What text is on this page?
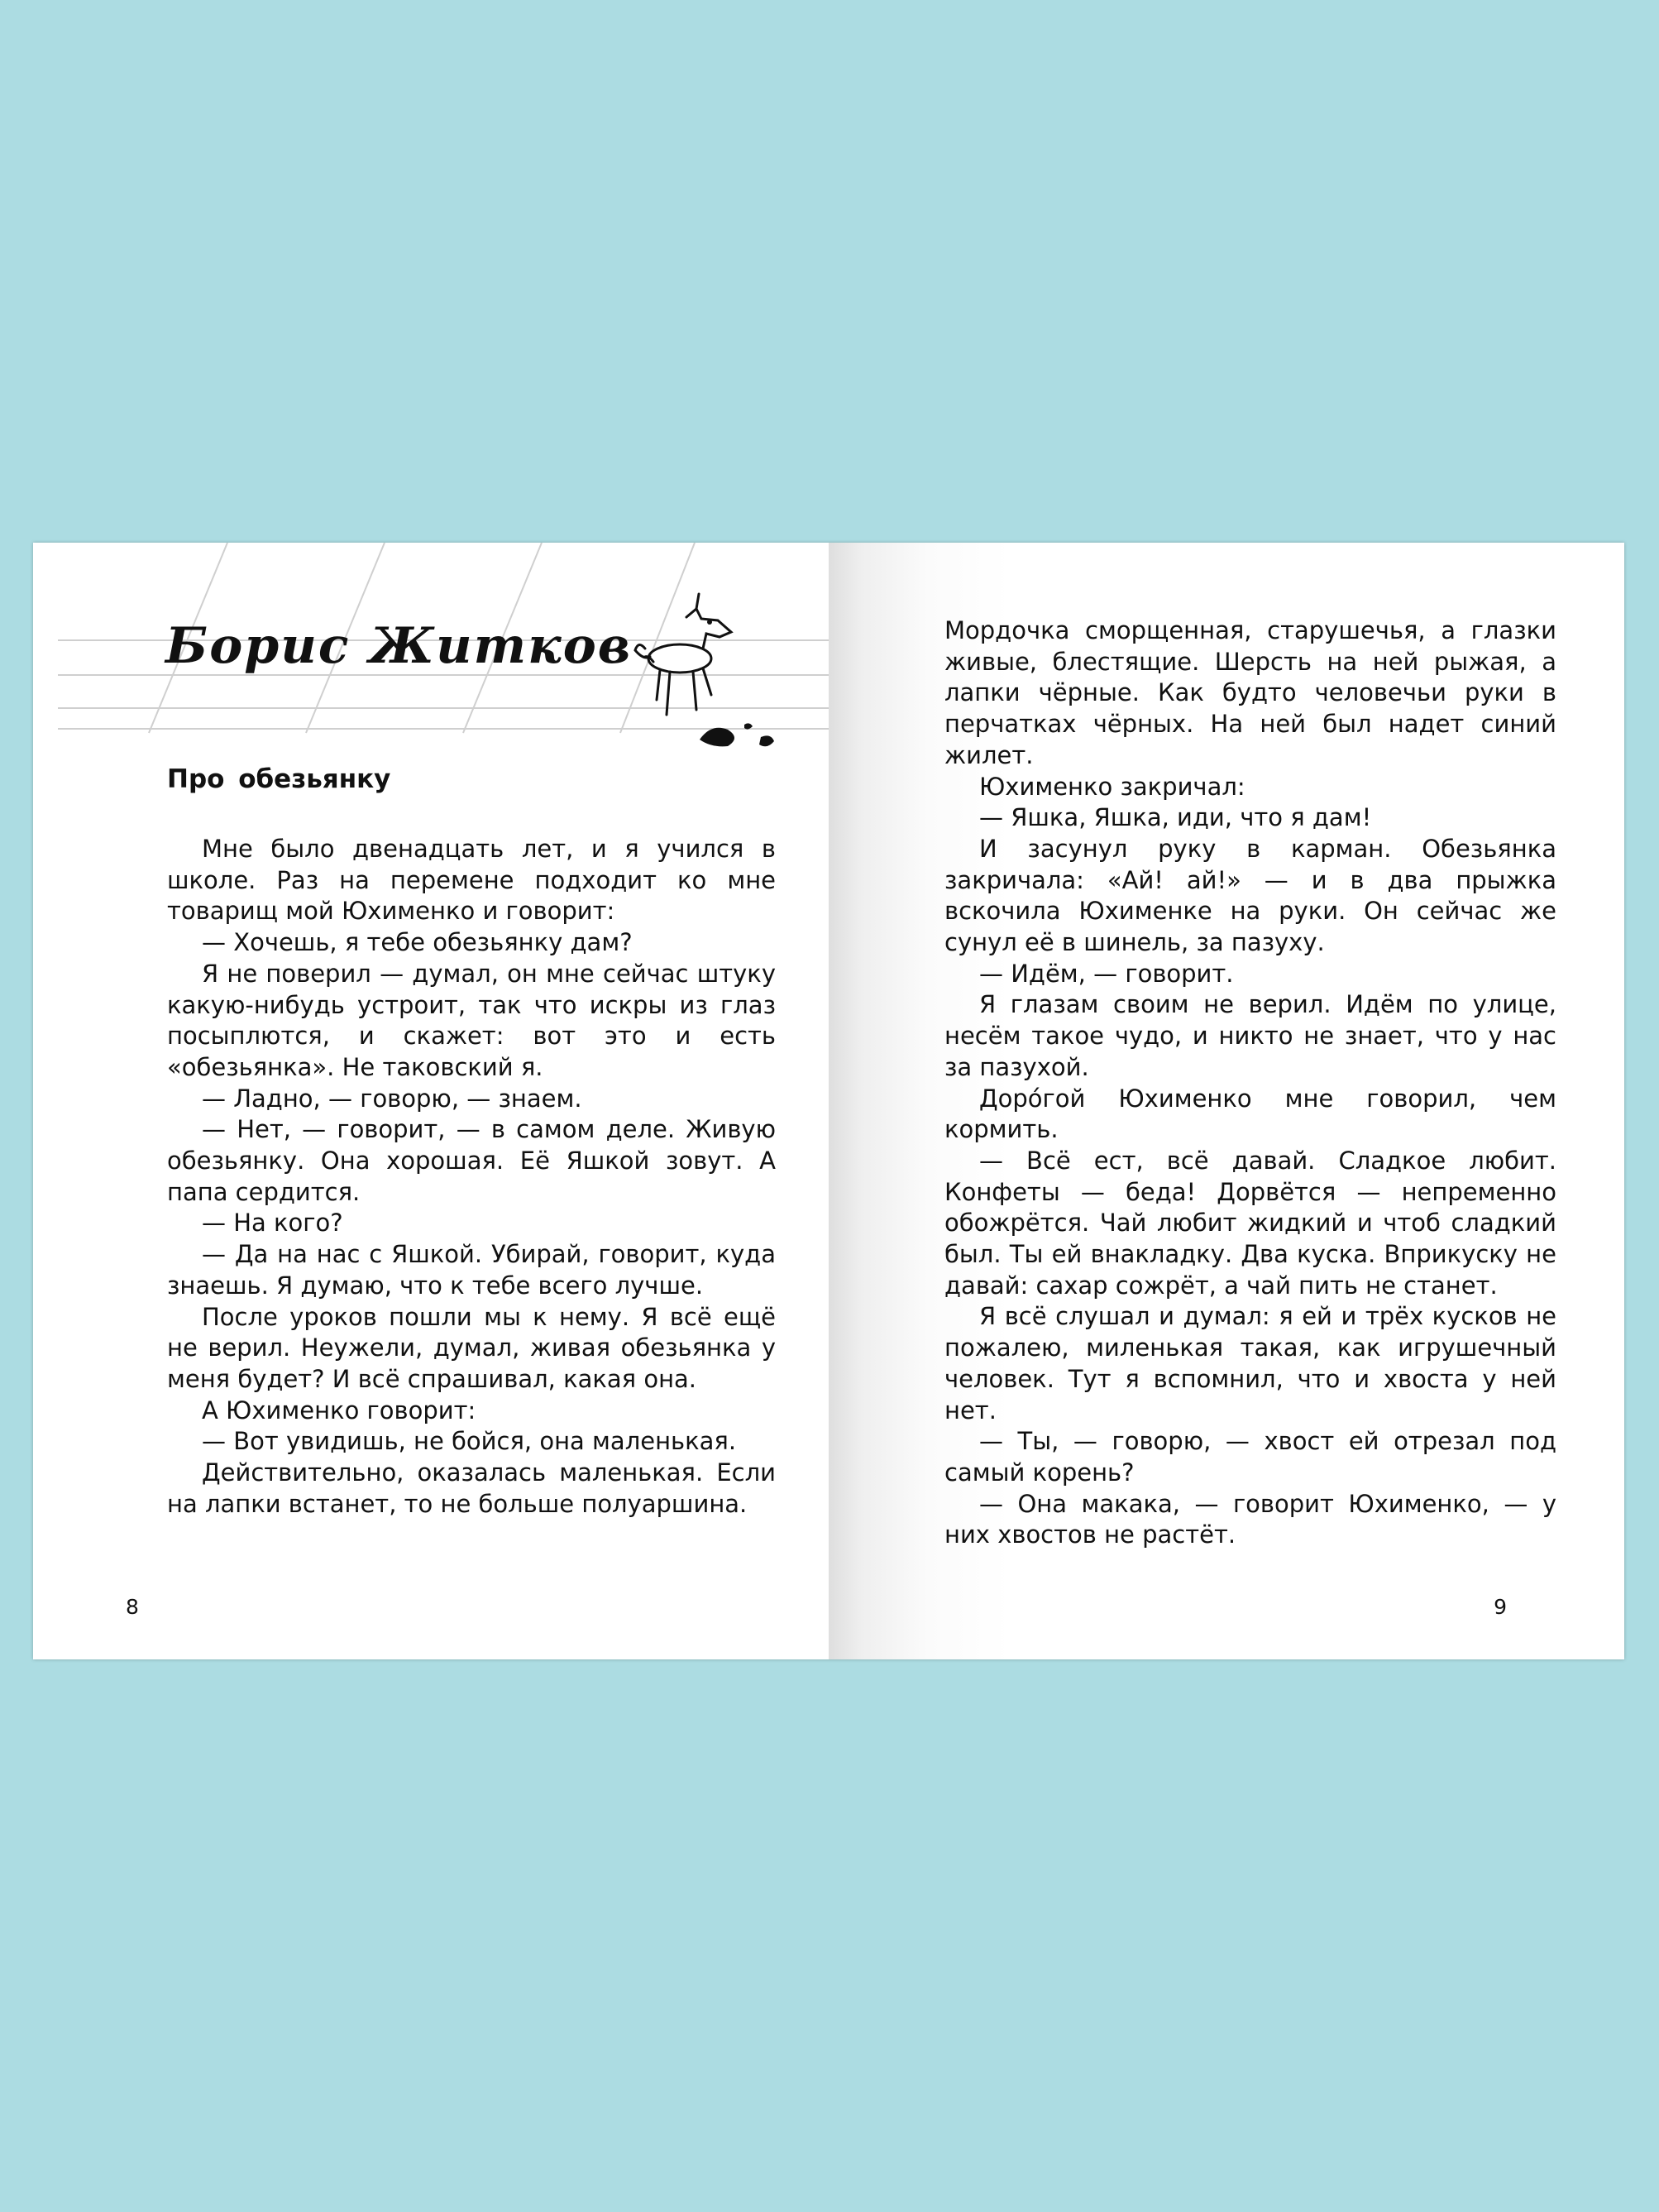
Борис Житков
Про обезьянку

Мне было двенадцать лет, и я учился в школе. Раз на перемене подходит ко мне товарищ мой Юхименко и говорит:

— Хочешь, я тебе обезьянку дам?

Я не поверил — думал, он мне сейчас штуку какую-нибудь устроит, так что искры из глаз посыплются, и скажет: вот это и есть «обезьянка». Не таковский я.

— Ладно, — говорю, — знаем.

— Нет, — говорит, — в самом деле. Живую обезьянку. Она хорошая. Её Яшкой зовут. А папа сердится.

— На кого?

— Да на нас с Яшкой. Убирай, говорит, куда знаешь. Я думаю, что к тебе всего лучше.

После уроков пошли мы к нему. Я всё ещё не верил. Неужели, думал, живая обезьянка у меня будет? И всё спрашивал, какая она.

А Юхименко говорит:

— Вот увидишь, не бойся, она маленькая.

Действительно, оказалась маленькая. Если на лапки встанет, то не больше полуаршина.

8

Мордочка сморщенная, старушечья, а глазки живые, блестящие. Шерсть на ней рыжая, а лапки чёрные. Как будто человечьи руки в перчатках чёрных. На ней был надет синий жилет.

Юхименко закричал:

— Яшка, Яшка, иди, что я дам!

И засунул руку в карман. Обезьянка закричала: «Ай! ай!» — и в два прыжка вскочила Юхименке на руки. Он сейчас же сунул её в шинель, за пазуху.

— Идём, — говорит.

Я глазам своим не верил. Идём по улице, несём такое чудо, и никто не знает, что у нас за пазухой.

Доро́гой Юхименко мне говорил, чем кормить.

— Всё ест, всё давай. Сладкое любит. Конфеты — беда! Дорвётся — непременно обожрётся. Чай любит жидкий и чтоб сладкий был. Ты ей внакладку. Два куска. Вприкуску не давай: сахар сожрёт, а чай пить не станет.

Я всё слушал и думал: я ей и трёх кусков не пожалею, миленькая такая, как игрушечный человек. Тут я вспомнил, что и хвоста у ней нет.

— Ты, — говорю, — хвост ей отрезал под самый корень?

— Она макака, — говорит Юхименко, — у них хвостов не растёт.

9
